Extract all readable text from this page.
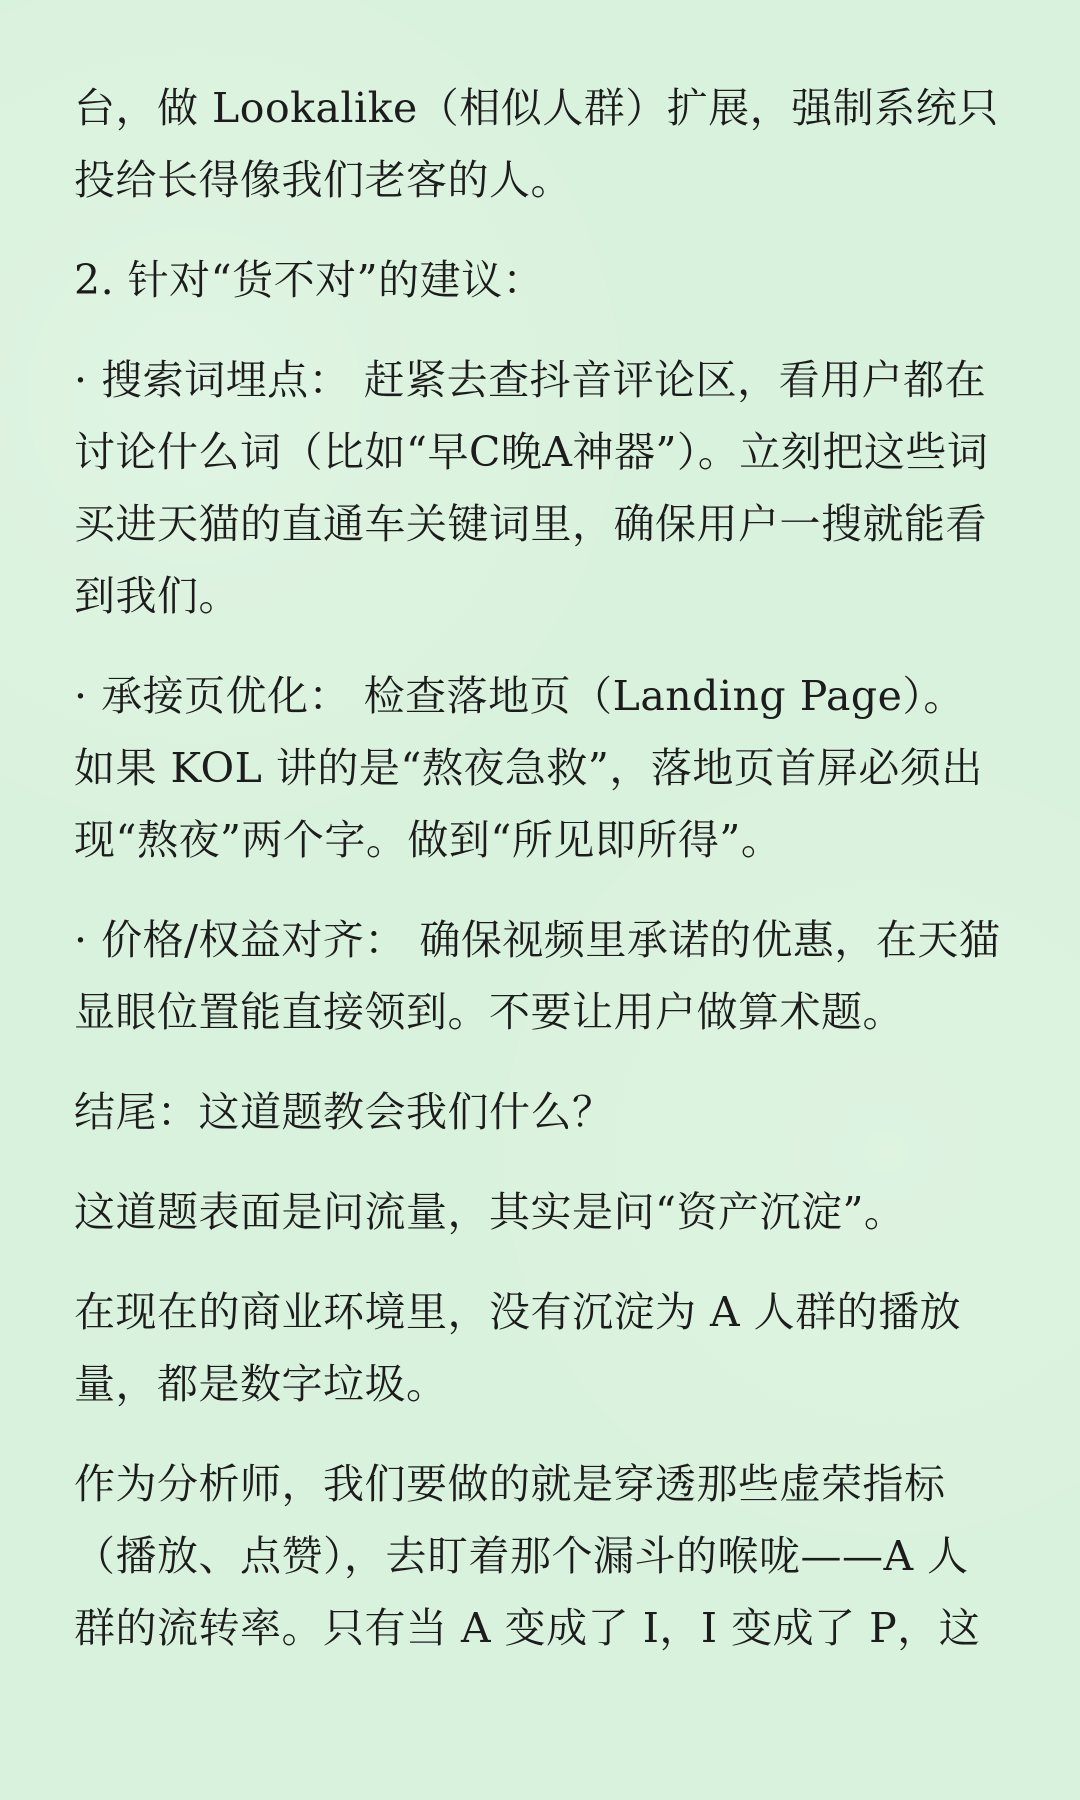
台，做 Lookalike（相似人群）扩展，强制系统只投给长得像我们老客的人。

2. 针对“货不对”的建议：

· 搜索词埋点： 赶紧去查抖音评论区，看用户都在讨论什么词（比如“早C晚A神器”）。立刻把这些词买进天猫的直通车关键词里，确保用户一搜就能看到我们。

· 承接页优化： 检查落地页（Landing Page）。如果 KOL 讲的是“熬夜急救”，落地页首屏必须出现“熬夜”两个字。做到“所见即所得”。

· 价格/权益对齐： 确保视频里承诺的优惠，在天猫显眼位置能直接领到。不要让用户做算术题。

结尾：这道题教会我们什么？

这道题表面是问流量，其实是问“资产沉淀”。

在现在的商业环境里，没有沉淀为 A 人群的播放量，都是数字垃圾。

作为分析师，我们要做的就是穿透那些虚荣指标（播放、点赞），去盯着那个漏斗的喉咙——A 人群的流转率。只有当 A 变成了 I，I 变成了 P，这
